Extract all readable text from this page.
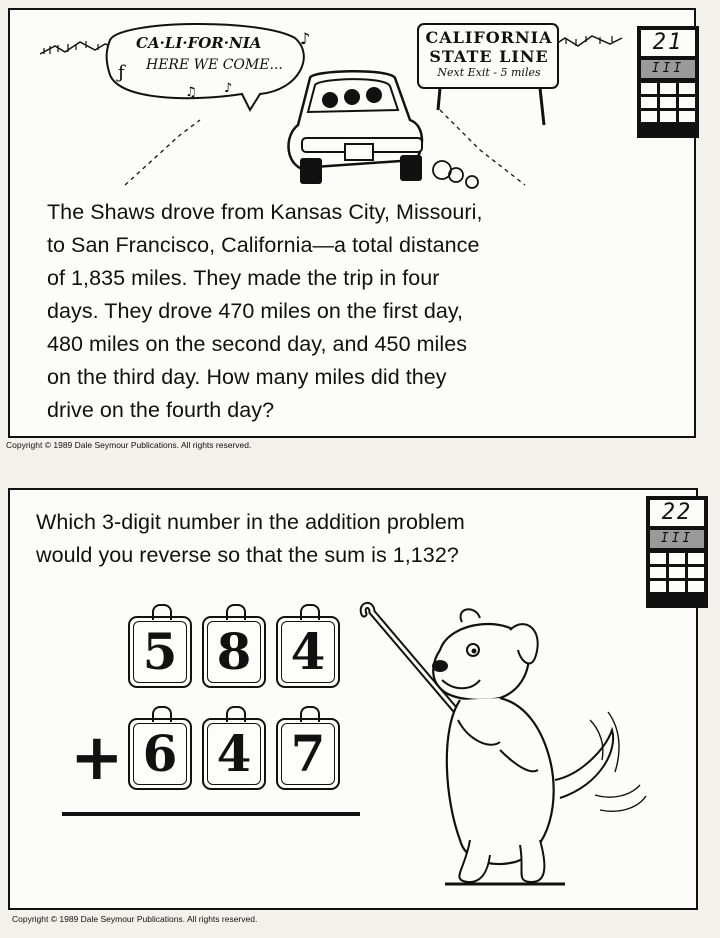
ƒ
♪
♫ ♪
CA·LI·FOR·NIA
HERE WE COME...
CALIFORNIA
STATE LINE
Next Exit - 5 miles
21
III
The Shaws drove from Kansas City, Missouri,
to San Francisco, California—a total distance
of 1,835 miles. They made the trip in four
days. They drove 470 miles on the first day,
480 miles on the second day, and 450 miles
on the third day. How many miles did they
drive on the fourth day?
Copyright © 1989 Dale Seymour Publications. All rights reserved.
Which 3-digit number in the addition problem
would you reverse so that the sum is 1,132?
22
III
5 8 4
+ 6 4 7
Copyright © 1989 Dale Seymour Publications. All rights reserved.
